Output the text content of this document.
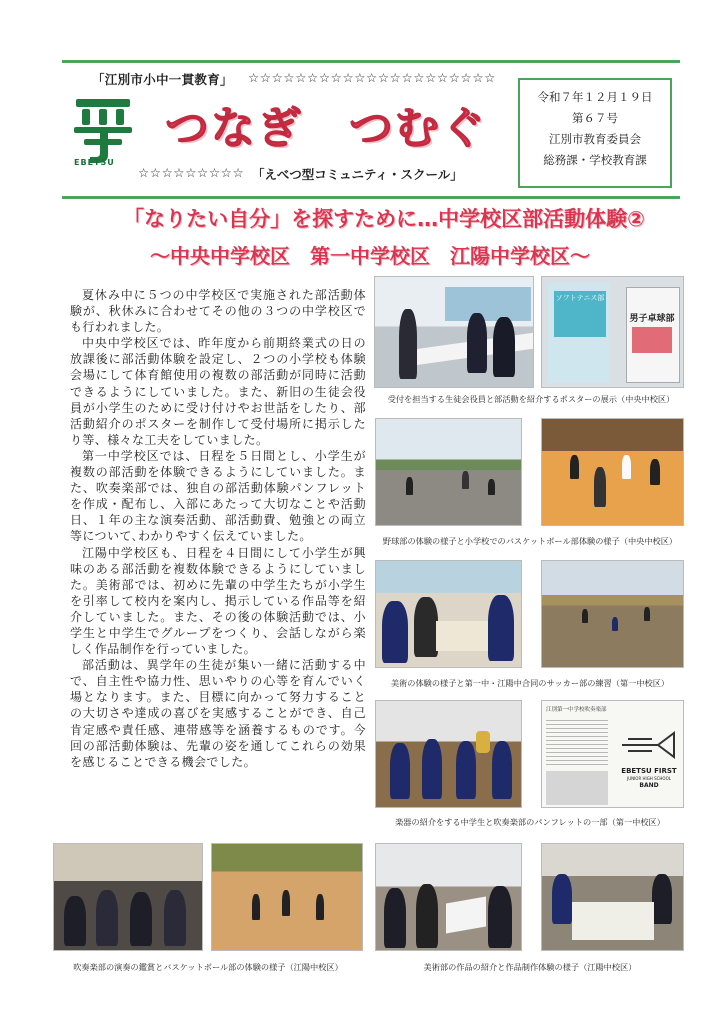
「江別市小中一貫教育」 ☆☆☆☆☆☆☆☆☆☆☆☆☆☆☆☆☆☆☆☆☆
EBETSU
つなぎ　つむぐ
☆☆☆☆☆☆☆☆☆ 「えべつ型コミュニティ・スクール」
令和７年１２月１９日
第６７号
江別市教育委員会
総務課・学校教育課
「なりたい自分」を探すために…中学校区部活動体験②
～中央中学校区　第一中学校区　江陽中学校区～

夏休み中に５つの中学校区で実施された部活動体験が、秋休みに合わせてその他の３つの中学校区でも行われました。

中央中学校区では、昨年度から前期終業式の日の放課後に部活動体験を設定し、２つの小学校も体験会場にして体育館使用の複数の部活動が同時に活動できるようにしていました。また、新旧の生徒会役員が小学生のために受け付けやお世話をしたり、部活動紹介のポスターを制作して受付場所に掲示したり等、様々な工夫をしていました。

第一中学校区では、日程を５日間とし、小学生が複数の部活動を体験できるようにしていました。また、吹奏楽部では、独自の部活動体験パンフレットを作成・配布し、入部にあたって大切なことや活動日、１年の主な演奏活動、部活動費、勉強との両立等について､わかりやすく伝えていました。

江陽中学校区も、日程を４日間にして小学生が興味のある部活動を複数体験できるようにしていました。美術部では、初めに先輩の中学生たちが小学生を引率して校内を案内し、掲示している作品等を紹介していました。また、その後の体験活動では、小学生と中学生でグループをつくり、会話しながら楽しく作品制作を行っていました。

部活動は、異学年の生徒が集い一緒に活動する中で、自主性や協力性、思いやりの心等を育んでいく場となります。また、目標に向かって努力することの大切さや達成の喜びを実感することができ、自己肯定感や責任感、連帯感等を涵養するものです。今回の部活動体験は、先輩の姿を通してこれらの効果を感じることできる機会でした。

ソフトテニス部
男子卓球部
受付を担当する生徒会役員と部活動を紹介するポスターの展示（中央中校区）
野球部の体験の様子と小学校でのバスケットボール部体験の様子（中央中校区）
美術の体験の様子と第一中・江陽中合同のサッカー部の練習（第一中校区）
江別第一中学校吹奏楽部
EBETSU FIRST
JUNIOR HIGH SCHOOL
BAND
楽器の紹介をする中学生と吹奏楽部のパンフレットの一部（第一中校区）
吹奏楽部の演奏の鑑賞とバスケットボール部の体験の様子（江陽中校区）	美術部の作品の紹介と作品制作体験の様子（江陽中校区）
